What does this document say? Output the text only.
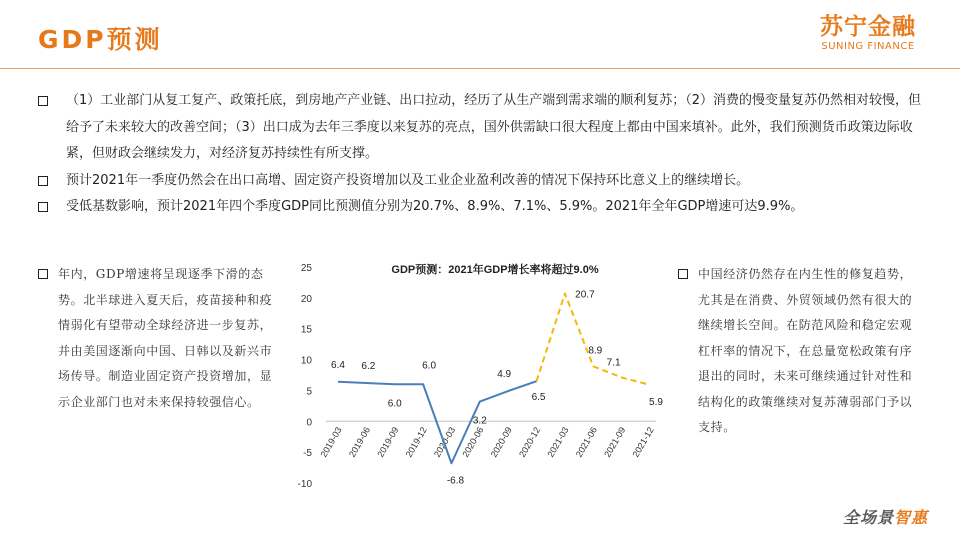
GDP预测	苏宁金融
SUNING FINANCE
（1）工业部门从复工复产、政策托底，到房地产产业链、出口拉动，经历了从生产端到需求端的顺利复苏；（2）消费的慢变量复苏仍然相对较慢，但给予了未来较大的改善空间；（3）出口成为去年三季度以来复苏的亮点，国外供需缺口很大程度上都由中国来填补。此外，我们预测货币政策边际收紧，但财政会继续发力，对经济复苏持续性有所支撑。
预计2021年一季度仍然会在出口高增、固定资产投资增加以及工业企业盈利改善的情况下保持环比意义上的继续增长。
受低基数影响，预计2021年四个季度GDP同比预测值分别为20.7%、8.9%、7.1%、5.9%。2021年全年GDP增速可达9.9%。
年内，GDP增速将呈现逐季下滑的态势。北半球进入夏天后，疫苗接种和疫情弱化有望带动全球经济进一步复苏，并由美国逐渐向中国、日韩以及新兴市场传导。制造业固定资产投资增加，显示企业部门也对未来保持较强信心。
中国经济仍然存在内生性的修复趋势，尤其是在消费、外贸领域仍然有很大的继续增长空间。在防范风险和稳定宏观杠杆率的情况下，在总量宽松政策有序退出的同时，未来可继续通过针对性和结构化的政策继续对复苏薄弱部门予以支持。
GDP预测：2021年GDP增长率将超过9.0%
25
20
15
10
5
0
-5
-10
2019-03 2019-06 2019-09 2019-12 2020-03 2020-06 2020-09 2020-12 2021-03 2021-06 2021-09 2021-12
6.4 6.2
6.0
6.0
-6.8
3.2
4.9
6.5
20.7
8.9
7.1
5.9
全场景智惠
